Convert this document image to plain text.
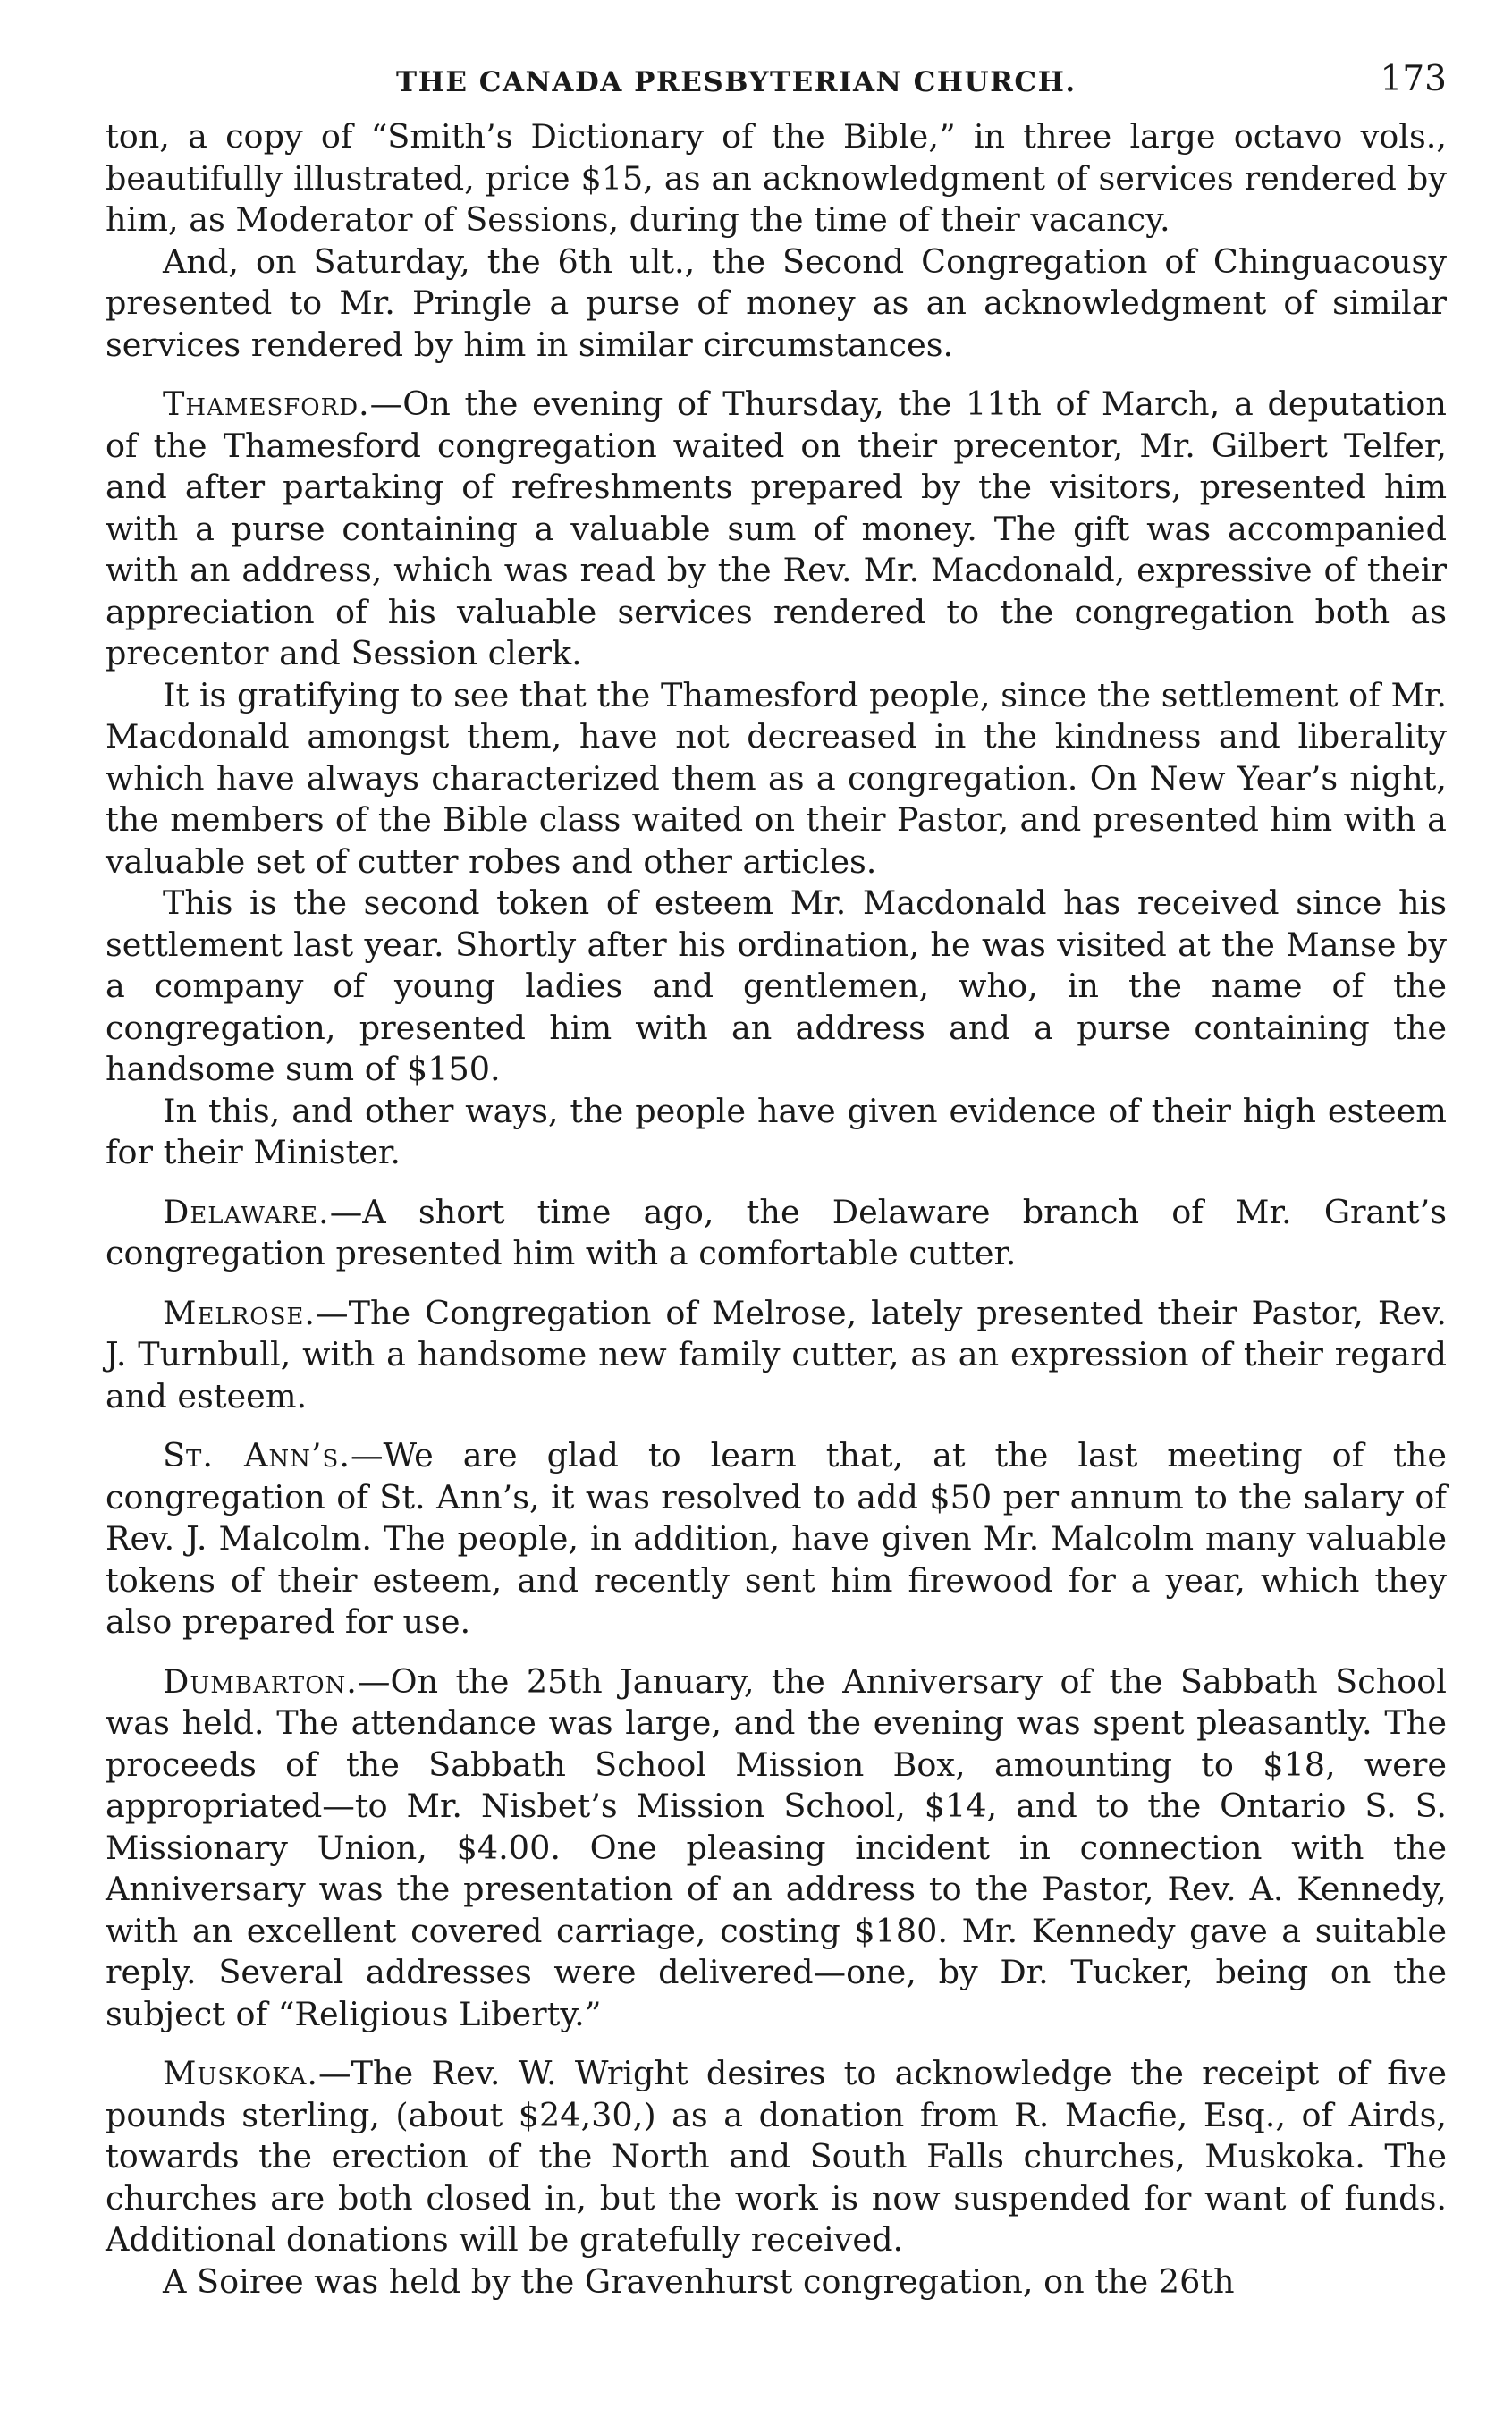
THE CANADA PRESBYTERIAN CHURCH.	173

ton, a copy of “Smith’s Dictionary of the Bible,” in three large octavo vols., beautifully illustrated, price $15, as an acknowledgment of services rendered by him, as Moderator of Sessions, during the time of their vacancy.

And, on Saturday, the 6th ult., the Second Congregation of Chinguacousy presented to Mr. Pringle a purse of money as an acknowledgment of similar services rendered by him in similar circumstances.

Thamesford.—On the evening of Thursday, the 11th of March, a deputation of the Thamesford congregation waited on their precentor, Mr. Gilbert Telfer, and after partaking of refreshments prepared by the visitors, presented him with a purse containing a valuable sum of money. The gift was accompanied with an address, which was read by the Rev. Mr. Macdonald, expressive of their appreciation of his valuable services rendered to the congregation both as precentor and Session clerk.

It is gratifying to see that the Thamesford people, since the settlement of Mr. Macdonald amongst them, have not decreased in the kindness and liberality which have always characterized them as a congregation. On New Year’s night, the members of the Bible class waited on their Pastor, and presented him with a valuable set of cutter robes and other articles.

This is the second token of esteem Mr. Macdonald has received since his settlement last year. Shortly after his ordination, he was visited at the Manse by a company of young ladies and gentlemen, who, in the name of the congregation, presented him with an address and a purse containing the handsome sum of $150.

In this, and other ways, the people have given evidence of their high esteem for their Minister.

Delaware.—A short time ago, the Delaware branch of Mr. Grant’s congregation presented him with a comfortable cutter.

Melrose.—The Congregation of Melrose, lately presented their Pastor, Rev. J. Turnbull, with a handsome new family cutter, as an expression of their regard and esteem.

St. Ann’s.—We are glad to learn that, at the last meeting of the congregation of St. Ann’s, it was resolved to add $50 per annum to the salary of Rev. J. Malcolm. The people, in addition, have given Mr. Malcolm many valuable tokens of their esteem, and recently sent him firewood for a year, which they also prepared for use.

Dumbarton.—On the 25th January, the Anniversary of the Sabbath School was held. The attendance was large, and the evening was spent pleasantly. The proceeds of the Sabbath School Mission Box, amounting to $18, were appropriated—to Mr. Nisbet’s Mission School, $14, and to the Ontario S. S. Missionary Union, $4.00. One pleasing incident in connection with the Anniversary was the presentation of an address to the Pastor, Rev. A. Kennedy, with an excellent covered carriage, costing $180. Mr. Kennedy gave a suitable reply. Several addresses were delivered—one, by Dr. Tucker, being on the subject of “Religious Liberty.”

Muskoka.—The Rev. W. Wright desires to acknowledge the receipt of five pounds sterling, (about $24,30,) as a donation from R. Macfie, Esq., of Airds, towards the erection of the North and South Falls churches, Muskoka. The churches are both closed in, but the work is now suspended for want of funds. Additional donations will be gratefully received.

A Soiree was held by the Gravenhurst congregation, on the 26th
